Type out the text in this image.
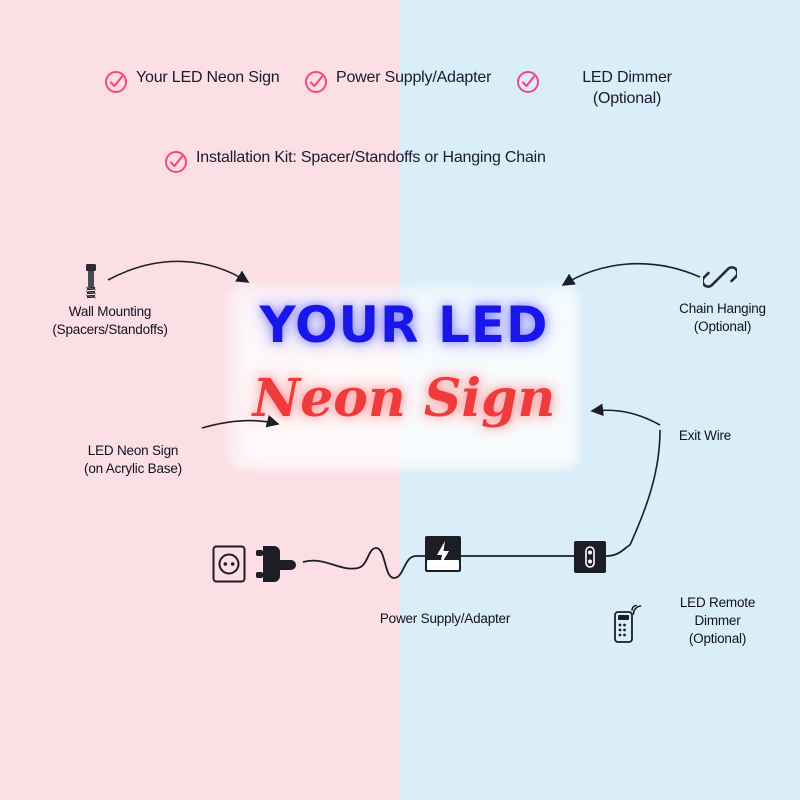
Your LED Neon Sign	Power Supply/Adapter	LED Dimmer (Optional)
Installation Kit: Spacer/Standoffs or Hanging Chain
YOUR LED
Neon Sign
Wall Mounting
(Spacers/Standoffs)
Chain Hanging
(Optional)
LED Neon Sign
(on Acrylic Base)
Exit Wire
Power Supply/Adapter
LED Remote
Dimmer
(Optional)
